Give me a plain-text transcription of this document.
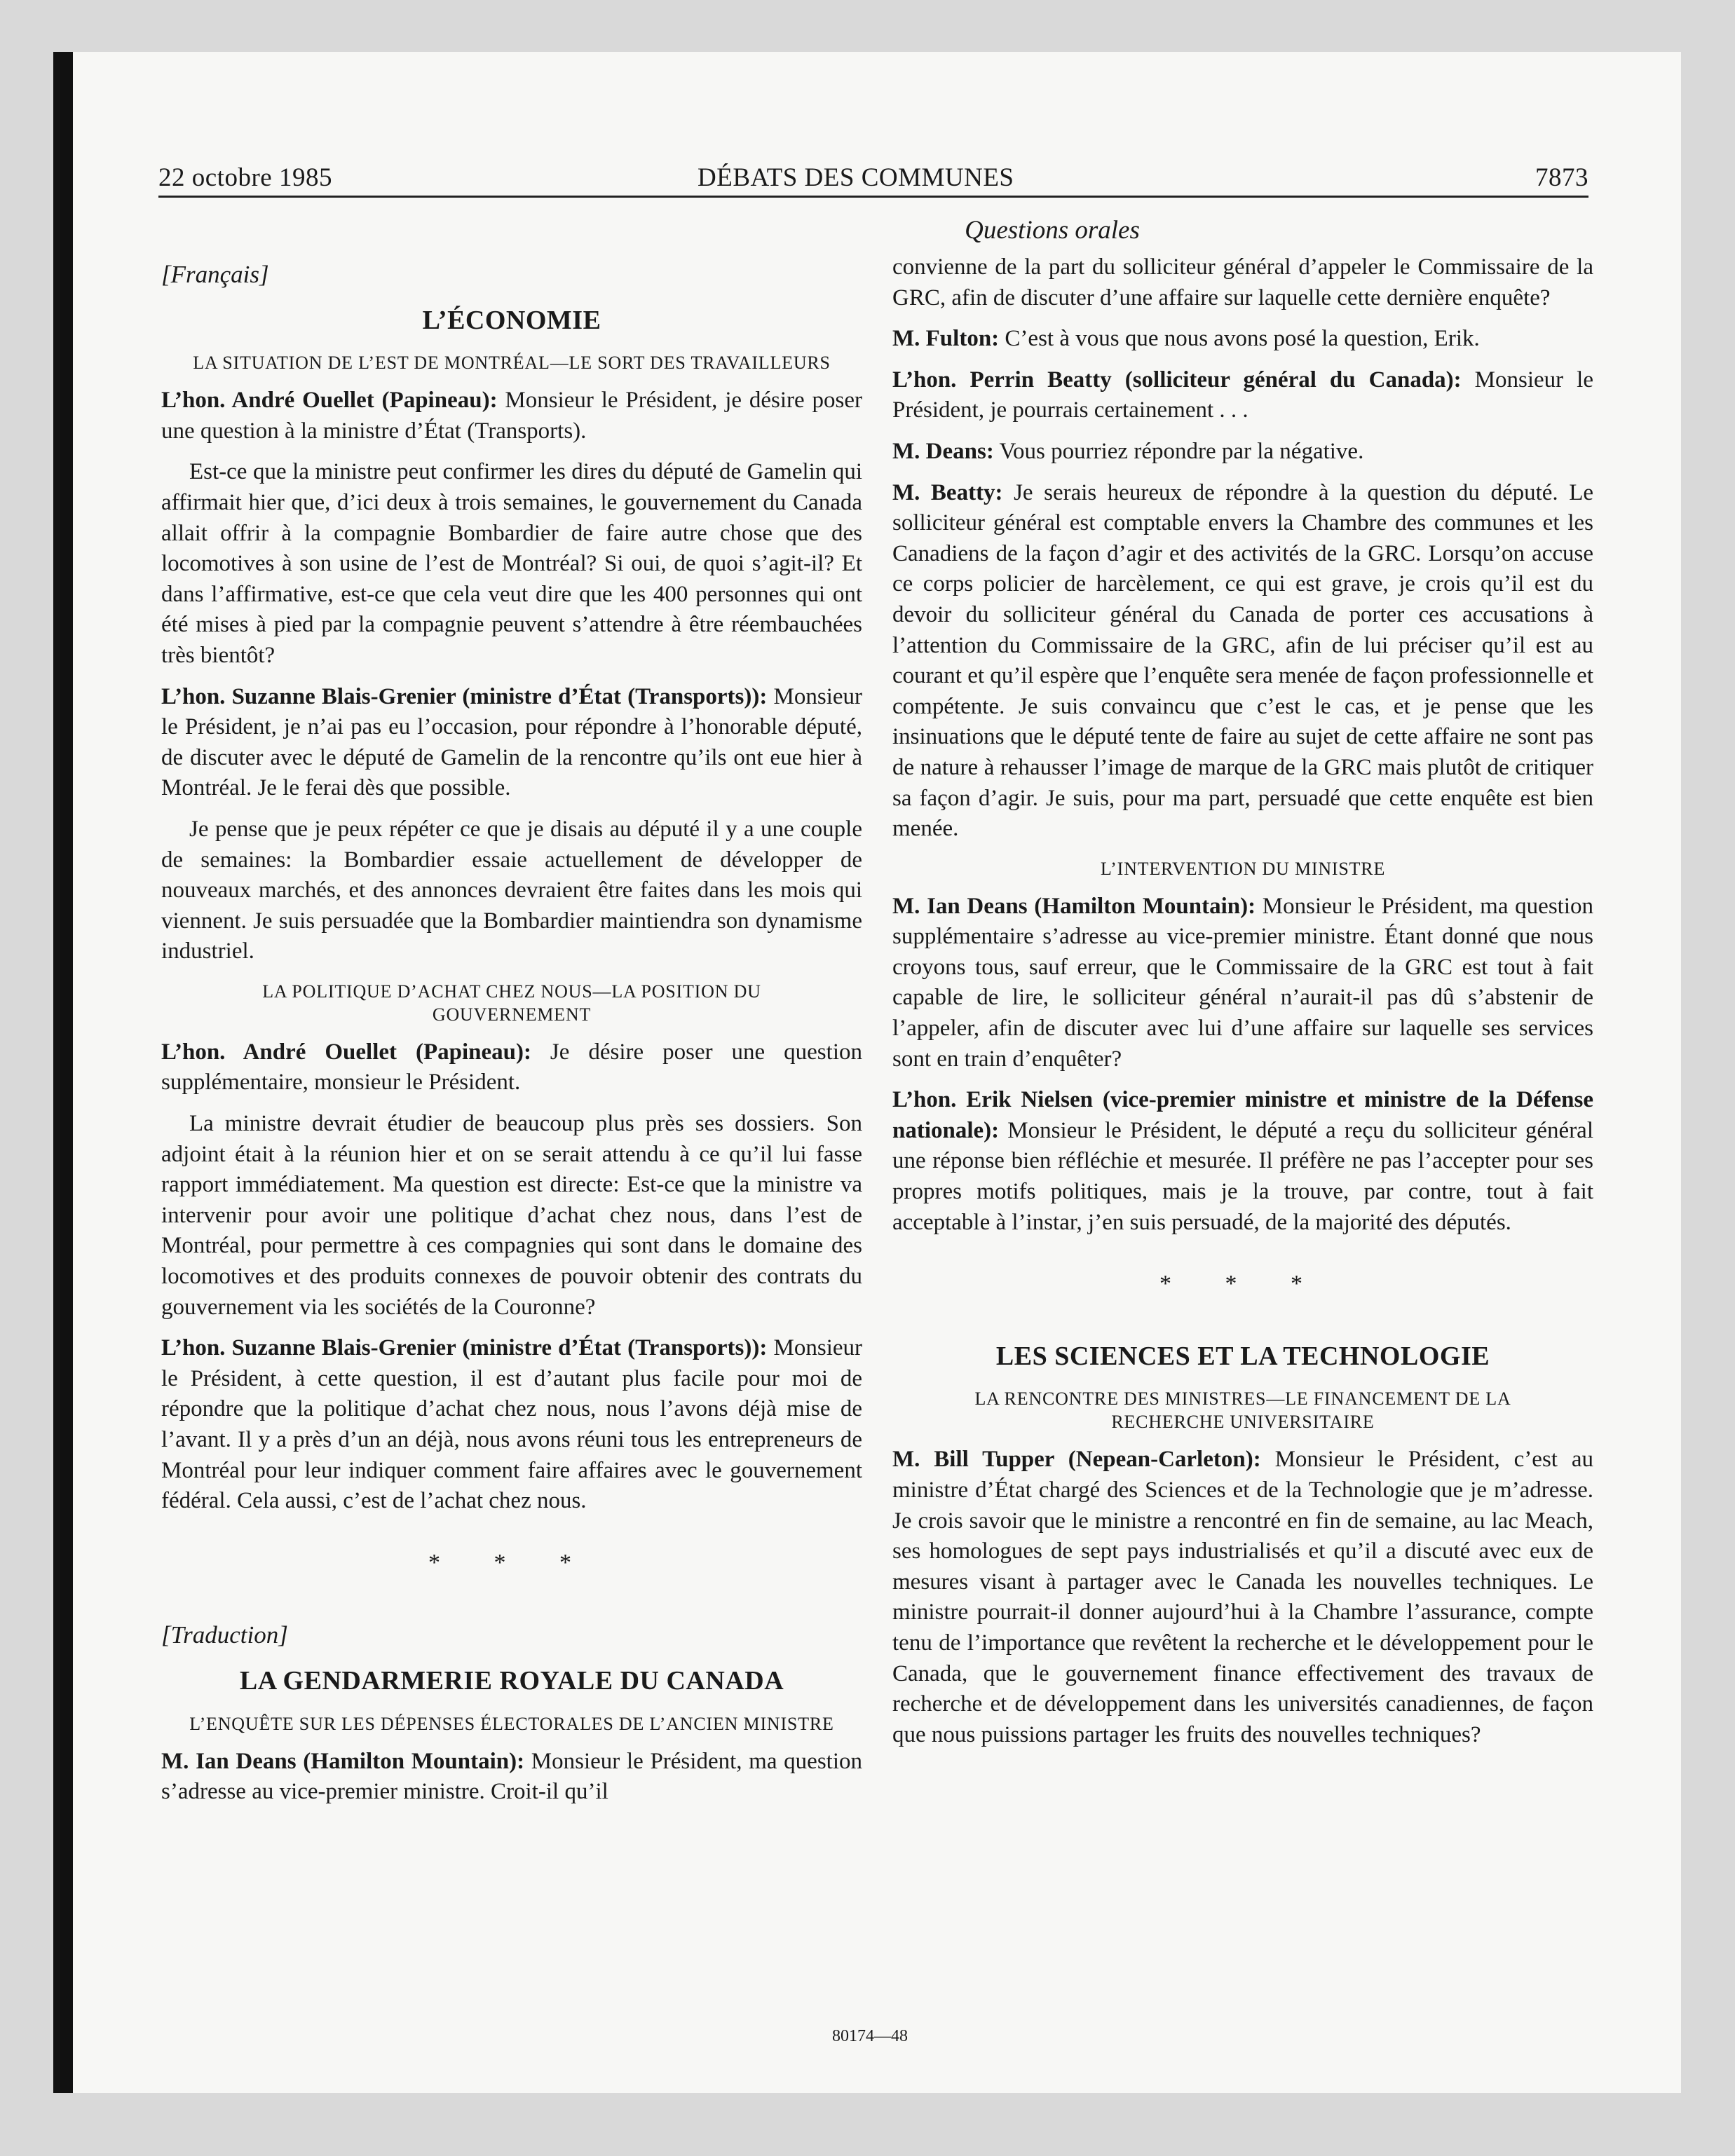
22 octobre 1985	DÉBATS DES COMMUNES	7873
Questions orales
[Français]
L’ÉCONOMIE
LA SITUATION DE L’EST DE MONTRÉAL—LE SORT DES TRAVAILLEURS

L’hon. André Ouellet (Papineau): Monsieur le Président, je désire poser une question à la ministre d’État (Transports).

Est-ce que la ministre peut confirmer les dires du député de Gamelin qui affirmait hier que, d’ici deux à trois semaines, le gouvernement du Canada allait offrir à la compagnie Bombardier de faire autre chose que des locomotives à son usine de l’est de Montréal? Si oui, de quoi s’agit-il? Et dans l’affirmative, est-ce que cela veut dire que les 400 personnes qui ont été mises à pied par la compagnie peuvent s’attendre à être réembauchées très bientôt?

L’hon. Suzanne Blais-Grenier (ministre d’État (Transports)): Monsieur le Président, je n’ai pas eu l’occasion, pour répondre à l’honorable député, de discuter avec le député de Gamelin de la rencontre qu’ils ont eue hier à Montréal. Je le ferai dès que possible.

Je pense que je peux répéter ce que je disais au député il y a une couple de semaines: la Bombardier essaie actuellement de développer de nouveaux marchés, et des annonces devraient être faites dans les mois qui viennent. Je suis persuadée que la Bombardier maintiendra son dynamisme industriel.

LA POLITIQUE D’ACHAT CHEZ NOUS—LA POSITION DU GOUVERNEMENT

L’hon. André Ouellet (Papineau): Je désire poser une question supplémentaire, monsieur le Président.

La ministre devrait étudier de beaucoup plus près ses dossiers. Son adjoint était à la réunion hier et on se serait attendu à ce qu’il lui fasse rapport immédiatement. Ma question est directe: Est-ce que la ministre va intervenir pour avoir une politique d’achat chez nous, dans l’est de Montréal, pour permettre à ces compagnies qui sont dans le domaine des locomotives et des produits connexes de pouvoir obtenir des contrats du gouvernement via les sociétés de la Couronne?

L’hon. Suzanne Blais-Grenier (ministre d’État (Transports)): Monsieur le Président, à cette question, il est d’autant plus facile pour moi de répondre que la politique d’achat chez nous, nous l’avons déjà mise de l’avant. Il y a près d’un an déjà, nous avons réuni tous les entrepreneurs de Montréal pour leur indiquer comment faire affaires avec le gouvernement fédéral. Cela aussi, c’est de l’achat chez nous.

* * *
[Traduction]
LA GENDARMERIE ROYALE DU CANADA
L’ENQUÊTE SUR LES DÉPENSES ÉLECTORALES DE L’ANCIEN MINISTRE

M. Ian Deans (Hamilton Mountain): Monsieur le Président, ma question s’adresse au vice-premier ministre. Croit-il qu’il

convienne de la part du solliciteur général d’appeler le Commissaire de la GRC, afin de discuter d’une affaire sur laquelle cette dernière enquête?

M. Fulton: C’est à vous que nous avons posé la question, Erik.

L’hon. Perrin Beatty (solliciteur général du Canada): Monsieur le Président, je pourrais certainement . . .

M. Deans: Vous pourriez répondre par la négative.

M. Beatty: Je serais heureux de répondre à la question du député. Le solliciteur général est comptable envers la Chambre des communes et les Canadiens de la façon d’agir et des activités de la GRC. Lorsqu’on accuse ce corps policier de harcèlement, ce qui est grave, je crois qu’il est du devoir du solliciteur général du Canada de porter ces accusations à l’attention du Commissaire de la GRC, afin de lui préciser qu’il est au courant et qu’il espère que l’enquête sera menée de façon professionnelle et compétente. Je suis convaincu que c’est le cas, et je pense que les insinuations que le député tente de faire au sujet de cette affaire ne sont pas de nature à rehausser l’image de marque de la GRC mais plutôt de critiquer sa façon d’agir. Je suis, pour ma part, persuadé que cette enquête est bien menée.

L’INTERVENTION DU MINISTRE

M. Ian Deans (Hamilton Mountain): Monsieur le Président, ma question supplémentaire s’adresse au vice-premier ministre. Étant donné que nous croyons tous, sauf erreur, que le Commissaire de la GRC est tout à fait capable de lire, le solliciteur général n’aurait-il pas dû s’abstenir de l’appeler, afin de discuter avec lui d’une affaire sur laquelle ses services sont en train d’enquêter?

L’hon. Erik Nielsen (vice-premier ministre et ministre de la Défense nationale): Monsieur le Président, le député a reçu du solliciteur général une réponse bien réfléchie et mesurée. Il préfère ne pas l’accepter pour ses propres motifs politiques, mais je la trouve, par contre, tout à fait acceptable à l’instar, j’en suis persuadé, de la majorité des députés.

* * *
LES SCIENCES ET LA TECHNOLOGIE
LA RENCONTRE DES MINISTRES—LE FINANCEMENT DE LA RECHERCHE UNIVERSITAIRE

M. Bill Tupper (Nepean-Carleton): Monsieur le Président, c’est au ministre d’État chargé des Sciences et de la Technologie que je m’adresse. Je crois savoir que le ministre a rencontré en fin de semaine, au lac Meach, ses homologues de sept pays industrialisés et qu’il a discuté avec eux de mesures visant à partager avec le Canada les nouvelles techniques. Le ministre pourrait-il donner aujourd’hui à la Chambre l’assurance, compte tenu de l’importance que revêtent la recherche et le développement pour le Canada, que le gouvernement finance effectivement des travaux de recherche et de développement dans les universités canadiennes, de façon que nous puissions partager les fruits des nouvelles techniques?

80174—48
